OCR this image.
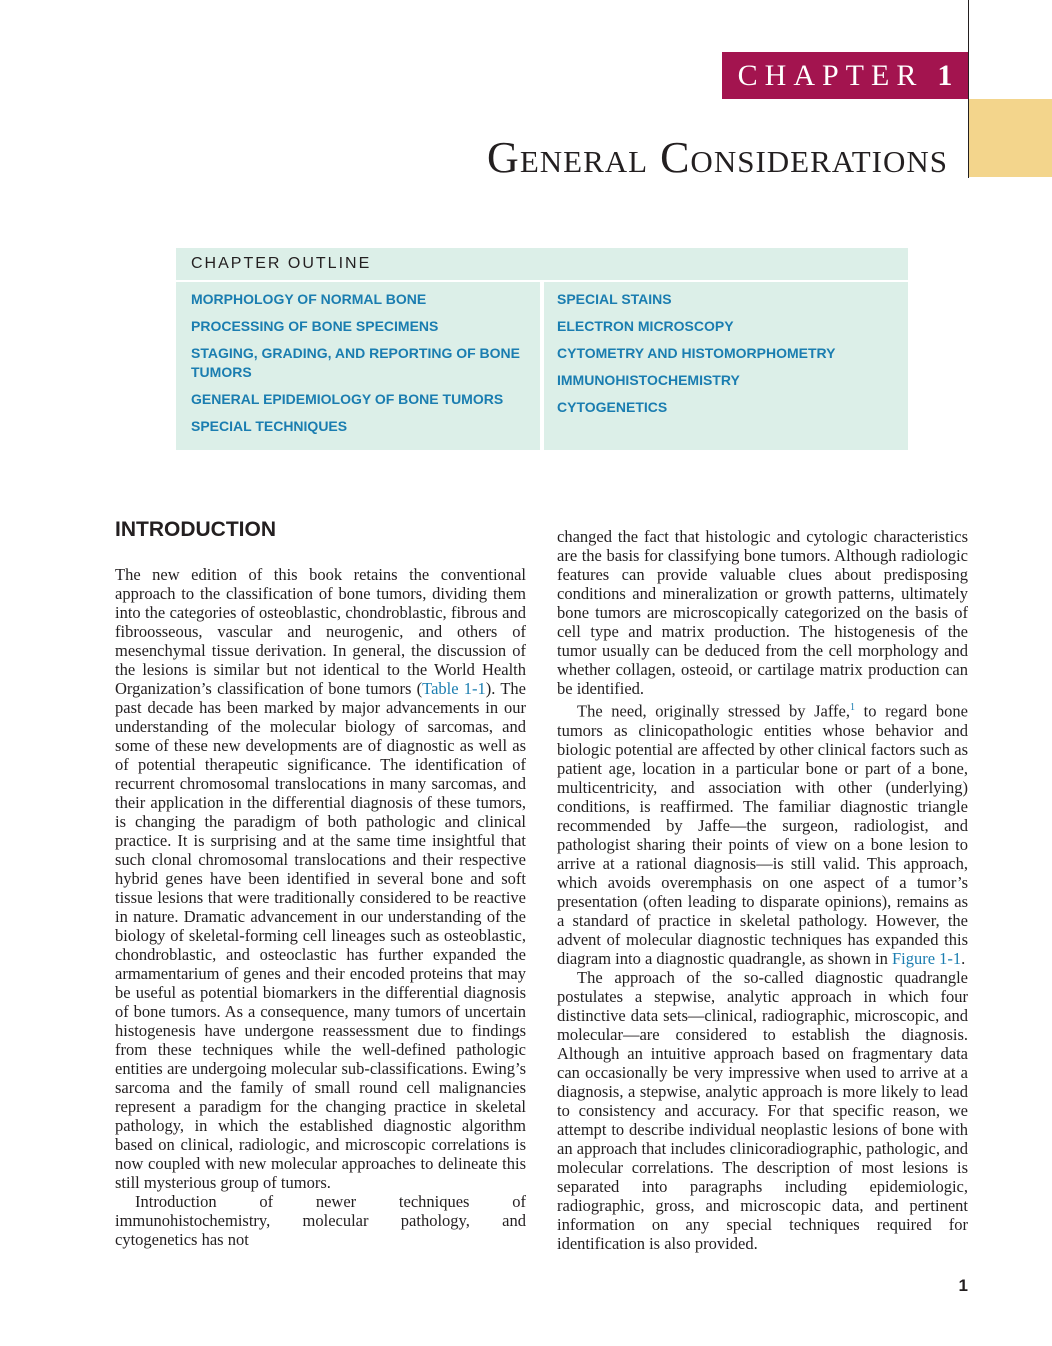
CHAPTER 1
General Considerations
CHAPTER OUTLINE
MORPHOLOGY OF NORMAL BONE
PROCESSING OF BONE SPECIMENS
STAGING, GRADING, AND REPORTING OF BONE TUMORS
GENERAL EPIDEMIOLOGY OF BONE TUMORS
SPECIAL TECHNIQUES
SPECIAL STAINS
ELECTRON MICROSCOPY
CYTOMETRY AND HISTOMORPHOMETRY
IMMUNOHISTOCHEMISTRY
CYTOGENETICS
INTRODUCTION

The new edition of this book retains the conventional approach to the classification of bone tumors, dividing them into the categories of osteoblastic, chondroblastic, fibrous and fibroosseous, vascular and neurogenic, and others of mesenchymal tissue derivation. In general, the discussion of the lesions is similar but not identical to the World Health Organization’s classification of bone tumors (Table 1-1). The past decade has been marked by major advancements in our understanding of the molecular biology of sarcomas, and some of these new developments are of diagnostic as well as of potential therapeutic significance. The identification of recurrent chromosomal translocations in many sarcomas, and their application in the differential diagnosis of these tumors, is changing the paradigm of both pathologic and clinical practice. It is surprising and at the same time insightful that such clonal chromosomal translocations and their respective hybrid genes have been identified in several bone and soft tissue lesions that were traditionally considered to be reactive in nature. Dramatic advancement in our understanding of the biology of skeletal-forming cell lineages such as osteoblastic, chondroblastic, and osteoclastic has further expanded the armamentarium of genes and their encoded proteins that may be useful as potential biomarkers in the differential diagnosis of bone tumors. As a consequence, many tumors of uncertain histogenesis have undergone reassessment due to findings from these techniques while the well-defined pathologic entities are undergoing molecular sub-classifications. Ewing’s sarcoma and the family of small round cell malignancies represent a paradigm for the changing practice in skeletal pathology, in which the established diagnostic algorithm based on clinical, radiologic, and microscopic correlations is now coupled with new molecular approaches to delineate this still mysterious group of tumors.

Introduction of newer techniques of immunohistochemistry, molecular pathology, and cytogenetics has not

changed the fact that histologic and cytologic characteristics are the basis for classifying bone tumors. Although radiologic features can provide valuable clues about predisposing conditions and mineralization or growth patterns, ultimately bone tumors are microscopically categorized on the basis of cell type and matrix production. The histogenesis of the tumor usually can be deduced from the cell morphology and whether collagen, osteoid, or cartilage matrix production can be identified.

The need, originally stressed by Jaffe,$^1$ to regard bone tumors as clinicopathologic entities whose behavior and biologic potential are affected by other clinical factors such as patient age, location in a particular bone or part of a bone, multicentricity, and association with other (underlying) conditions, is reaffirmed. The familiar diagnostic triangle recommended by Jaffe—the surgeon, radiologist, and pathologist sharing their points of view on a bone lesion to arrive at a rational diagnosis—is still valid. This approach, which avoids overemphasis on one aspect of a tumor’s presentation (often leading to disparate opinions), remains as a standard of practice in skeletal pathology. However, the advent of molecular diagnostic techniques has expanded this diagram into a diagnostic quadrangle, as shown in Figure 1-1.

The approach of the so-called diagnostic quadrangle postulates a stepwise, analytic approach in which four distinctive data sets—clinical, radiographic, microscopic, and molecular—are considered to establish the diagnosis. Although an intuitive approach based on fragmentary data can occasionally be very impressive when used to arrive at a diagnosis, a stepwise, analytic approach is more likely to lead to consistency and accuracy. For that specific reason, we attempt to describe individual neoplastic lesions of bone with an approach that includes clinicoradiographic, pathologic, and molecular correlations. The description of most lesions is separated into paragraphs including epidemiologic, radiographic, gross, and microscopic data, and pertinent information on any special techniques required for identification is also provided.

1
